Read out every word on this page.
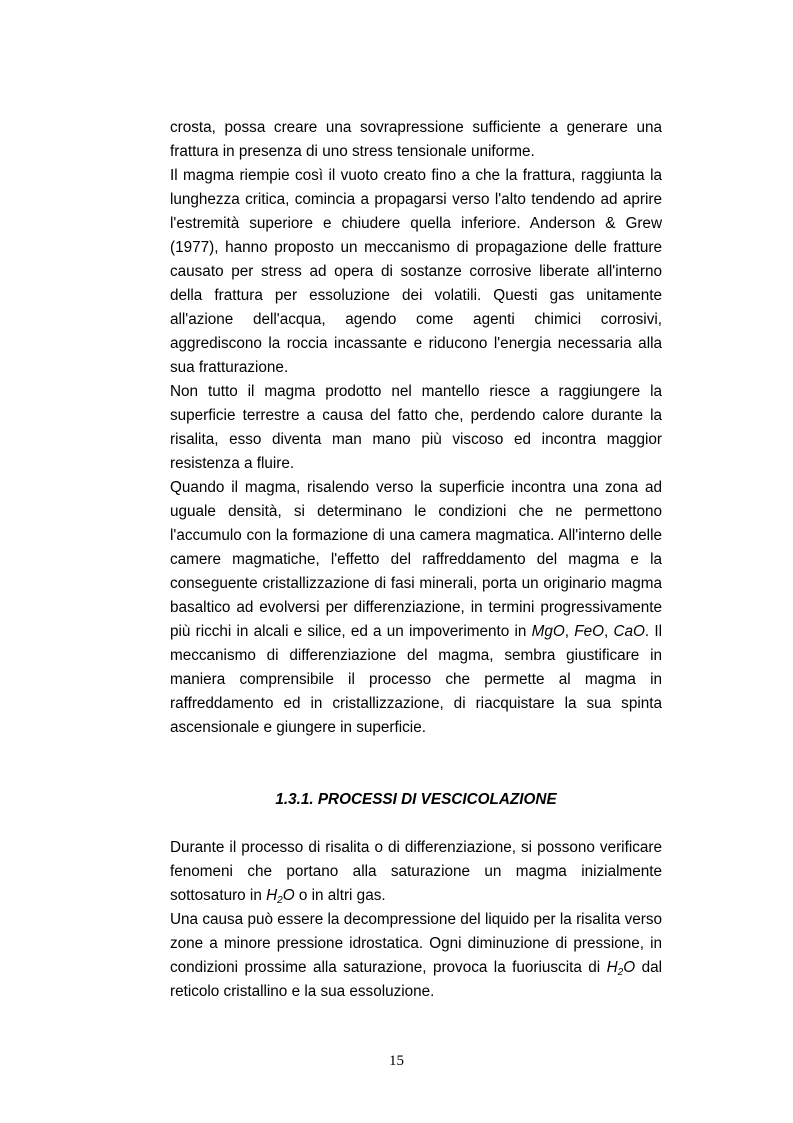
crosta, possa creare una sovrapressione sufficiente a generare una frattura in presenza di uno stress tensionale uniforme.

Il magma riempie così il vuoto creato fino a che la frattura, raggiunta la lunghezza critica, comincia a propagarsi verso l'alto tendendo ad aprire l'estremità superiore e chiudere quella inferiore. Anderson & Grew (1977), hanno proposto un meccanismo di propagazione delle fratture causato per stress ad opera di sostanze corrosive liberate all'interno della frattura per essoluzione dei volatili. Questi gas unitamente all'azione dell'acqua, agendo come agenti chimici corrosivi, aggrediscono la roccia incassante e riducono l'energia necessaria alla sua fratturazione.

Non tutto il magma prodotto nel mantello riesce a raggiungere la superficie terrestre a causa del fatto che, perdendo calore durante la risalita, esso diventa man mano più viscoso ed incontra maggior resistenza a fluire.

Quando il magma, risalendo verso la superficie incontra una zona ad uguale densità, si determinano le condizioni che ne permettono l'accumulo con la formazione di una camera magmatica. All'interno delle camere magmatiche, l'effetto del raffreddamento del magma e la conseguente cristallizzazione di fasi minerali, porta un originario magma basaltico ad evolversi per differenziazione, in termini progressivamente più ricchi in alcali e silice, ed a un impoverimento in MgO, FeO, CaO. Il meccanismo di differenziazione del magma, sembra giustificare in maniera comprensibile il processo che permette al magma in raffreddamento ed in cristallizzazione, di riacquistare la sua spinta ascensionale e giungere in superficie.

1.3.1. PROCESSI DI VESCICOLAZIONE

Durante il processo di risalita o di differenziazione, si possono verificare fenomeni che portano alla saturazione un magma inizialmente sottosaturo in $H_2O$ o in altri gas.

Una causa può essere la decompressione del liquido per la risalita verso zone a minore pressione idrostatica. Ogni diminuzione di pressione, in condizioni prossime alla saturazione, provoca la fuoriuscita di $H_2O$ dal reticolo cristallino e la sua essoluzione.

15
